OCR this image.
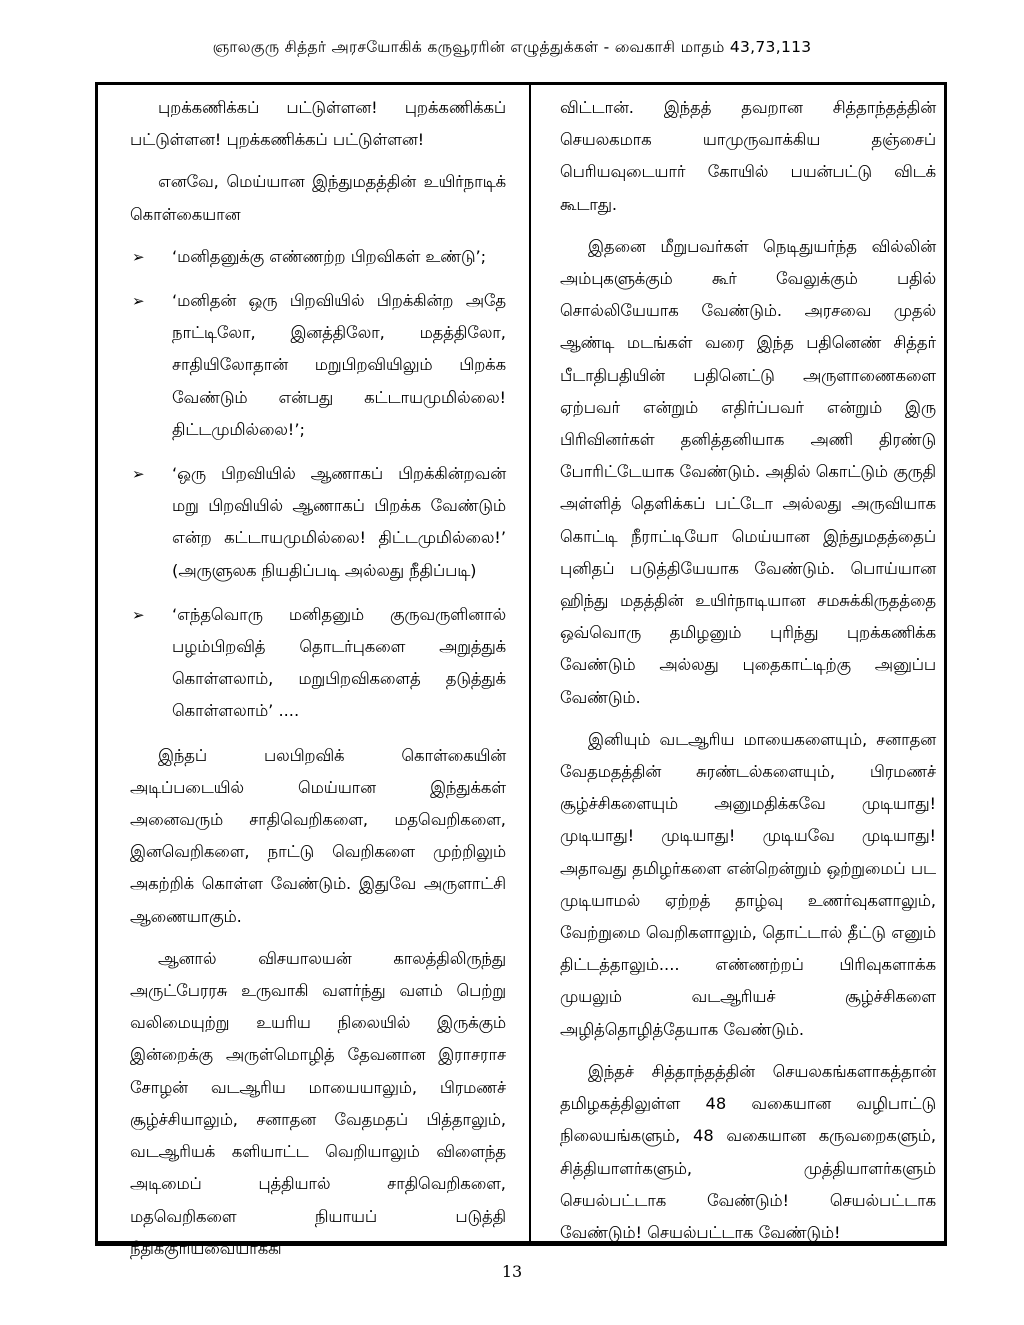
ஞாலகுரு சித்தர் அரசயோகிக் கருவூரரின் எழுத்துக்கள் - வைகாசி மாதம் 43,73,113

புறக்கணிக்கப் பட்டுள்ளன! புறக்கணிக்கப் பட்டுள்ளன! புறக்கணிக்கப் பட்டுள்ளன!

எனவே, மெய்யான இந்துமதத்தின் உயிர்நாடிக் கொள்கையான

➢ ‘மனிதனுக்கு எண்ணற்ற பிறவிகள் உண்டு’;
➢ ‘மனிதன் ஒரு பிறவியில் பிறக்கின்ற அதே நாட்டிலோ, இனத்திலோ, மதத்திலோ, சாதியிலோதான் மறுபிறவியிலும் பிறக்க வேண்டும் என்பது கட்டாயமுமில்லை! திட்டமுமில்லை!’;
➢ ‘ஒரு பிறவியில் ஆணாகப் பிறக்கின்றவன் மறு பிறவியில் ஆணாகப் பிறக்க வேண்டும் என்ற கட்டாயமுமில்லை! திட்டமுமில்லை!’ (அருளுலக நியதிப்படி அல்லது நீதிப்படி)
➢ ‘எந்தவொரு மனிதனும் குருவருளினால் பழம்பிறவித் தொடர்புகளை அறுத்துக் கொள்ளலாம், மறுபிறவிகளைத் தடுத்துக் கொள்ளலாம்’ ....

இந்தப் பலபிறவிக் கொள்கையின் அடிப்படையில் மெய்யான இந்துக்கள் அனைவரும் சாதிவெறிகளை, மதவெறிகளை, இனவெறிகளை, நாட்டு வெறிகளை முற்றிலும் அகற்றிக் கொள்ள வேண்டும். இதுவே அருளாட்சி ஆணையாகும்.

ஆனால் விசயாலயன் காலத்திலிருந்து அருட்பேரரசு உருவாகி வளர்ந்து வளம் பெற்று வலிமையுற்று உயரிய நிலையில் இருக்கும் இன்றைக்கு அருள்மொழித் தேவனான இராசராச சோழன் வடஆரிய மாயையாலும், பிரமணச் சூழ்ச்சியாலும், சனாதன வேதமதப் பித்தாலும், வடஆரியக் களியாட்ட வெறியாலும் விளைந்த அடிமைப் புத்தியால் சாதிவெறிகளை, மதவெறிகளை நியாயப் படுத்தி நீதிக்குரியவையாக்கி

விட்டான். இந்தத் தவறான சித்தாந்தத்தின் செயலகமாக யாமுருவாக்கிய தஞ்சைப் பெரியவுடையார் கோயில் பயன்பட்டு விடக் கூடாது.

இதனை மீறுபவர்கள் நெடிதுயர்ந்த வில்லின் அம்புகளுக்கும் கூர் வேலுக்கும் பதில் சொல்லியேயாக வேண்டும். அரசவை முதல் ஆண்டி மடங்கள் வரை இந்த பதினெண் சித்தர் பீடாதிபதியின் பதினெட்டு அருளாணைகளை ஏற்பவர் என்றும் எதிர்ப்பவர் என்றும் இரு பிரிவினர்கள் தனித்தனியாக அணி திரண்டு போரிட்டேயாக வேண்டும். அதில் கொட்டும் குருதி அள்ளித் தெளிக்கப் பட்டோ அல்லது அருவியாக கொட்டி நீராட்டியோ மெய்யான இந்துமதத்தைப் புனிதப் படுத்தியேயாக வேண்டும். பொய்யான ஹிந்து மதத்தின் உயிர்நாடியான சமசுக்கிருதத்தை ஒவ்வொரு தமிழனும் புரிந்து புறக்கணிக்க வேண்டும் அல்லது புதைகாட்டிற்கு அனுப்ப வேண்டும்.

இனியும் வடஆரிய மாயைகளையும், சனாதன வேதமதத்தின் சுரண்டல்களையும், பிரமணச் சூழ்ச்சிகளையும் அனுமதிக்கவே முடியாது! முடியாது! முடியாது! முடியவே முடியாது! அதாவது தமிழர்களை என்றென்றும் ஒற்றுமைப் பட முடியாமல் ஏற்றத் தாழ்வு உணர்வுகளாலும், வேற்றுமை வெறிகளாலும், தொட்டால் தீட்டு எனும் திட்டத்தாலும்.... எண்ணற்றப் பிரிவுகளாக்க முயலும் வடஆரியச் சூழ்ச்சிகளை அழித்தொழித்தேயாக வேண்டும்.

இந்தச் சித்தாந்தத்தின் செயலகங்களாகத்தான் தமிழகத்திலுள்ள 48 வகையான வழிபாட்டு நிலையங்களும், 48 வகையான கருவறைகளும், சித்தியாளர்களும், முத்தியாளர்களும் செயல்பட்டாக வேண்டும்! செயல்பட்டாக வேண்டும்! செயல்பட்டாக வேண்டும்!

13
